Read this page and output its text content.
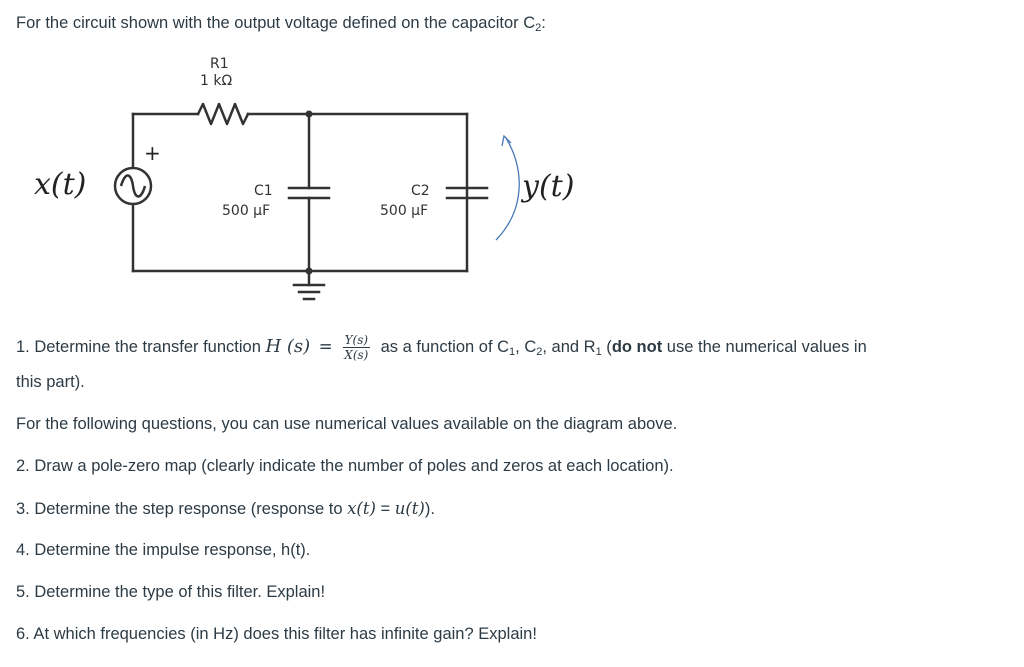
For the circuit shown with the output voltage defined on the capacitor $C_2$:
R1
1 kΩ
C1
500 µF
C2
500 µF
+
x(t)	y(t)
1. Determine the transfer function H $(s) = \frac{Y(s)}{X(s)}$ as a function of $C_1$, $C_2$, and $R_1$ (do not use the numerical values in
this part).
For the following questions, you can use numerical values available on the diagram above.
2. Draw a pole-zero map (clearly indicate the number of poles and zeros at each location).
3. Determine the step response (response to x(t) = u(t)).
4. Determine the impulse response, h(t).
5. Determine the type of this filter. Explain!
6. At which frequencies (in Hz) does this filter has infinite gain? Explain!
